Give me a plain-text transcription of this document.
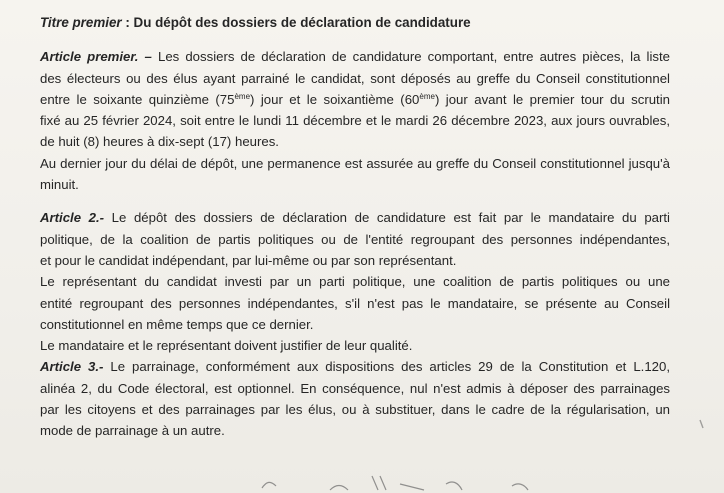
Titre premier : Du dépôt des dossiers de déclaration de candidature

Article premier. – Les dossiers de déclaration de candidature comportant, entre autres pièces, la liste

des électeurs ou des élus ayant parrainé le candidat, sont déposés au greffe du Conseil constitutionnel

entre le soixante quinzième (75ème) jour et le soixantième (60ème) jour avant le premier tour du scrutin

fixé au 25 février 2024, soit entre le lundi 11 décembre et le mardi 26 décembre 2023, aux jours ouvrables,

de huit (8) heures à dix-sept (17) heures.

Au dernier jour du délai de dépôt, une permanence est assurée au greffe du Conseil constitutionnel jusqu'à

minuit.

Article 2.- Le dépôt des dossiers de déclaration de candidature est fait par le mandataire du parti

politique, de la coalition de partis politiques ou de l'entité regroupant des personnes indépendantes,

et pour le candidat indépendant, par lui-même ou par son représentant.

Le représentant du candidat investi par un parti politique, une coalition de partis politiques ou une

entité regroupant des personnes indépendantes, s'il n'est pas le mandataire, se présente au Conseil

constitutionnel en même temps que ce dernier.

Le mandataire et le représentant doivent justifier de leur qualité.

Article 3.- Le parrainage, conformément aux dispositions des articles 29 de la Constitution et L.120,

alinéa 2, du Code électoral, est optionnel. En conséquence, nul n'est admis à déposer des parrainages

par les citoyens et des parrainages par les élus, ou à substituer, dans le cadre de la régularisation, un

mode de parrainage à un autre.
